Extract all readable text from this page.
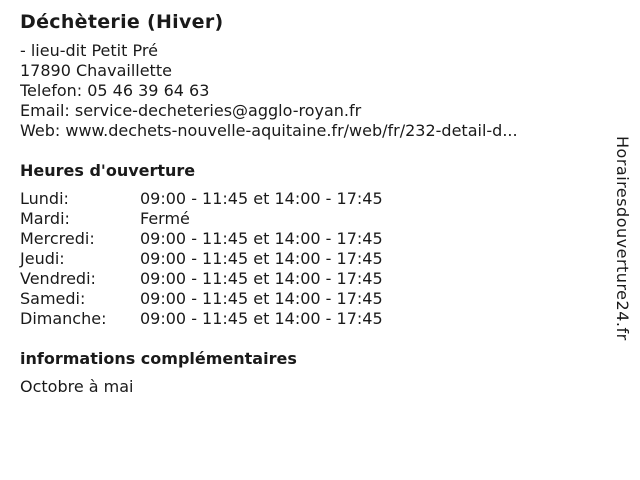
Déchèterie (Hiver)
- lieu-dit Petit Pré
17890 Chavaillette
Telefon: 05 46 39 64 63
Email: service-decheteries@agglo-royan.fr
Web: www.dechets-nouvelle-aquitaine.fr/web/fr/232-detail-d...
Heures d'ouverture
Lundi:	09:00 - 11:45 et 14:00 - 17:45
Mardi:	Fermé
Mercredi:	09:00 - 11:45 et 14:00 - 17:45
Jeudi:	09:00 - 11:45 et 14:00 - 17:45
Vendredi:	09:00 - 11:45 et 14:00 - 17:45
Samedi:	09:00 - 11:45 et 14:00 - 17:45
Dimanche:	09:00 - 11:45 et 14:00 - 17:45
informations complémentaires
Octobre à mai
Horairesdouverture24.fr
